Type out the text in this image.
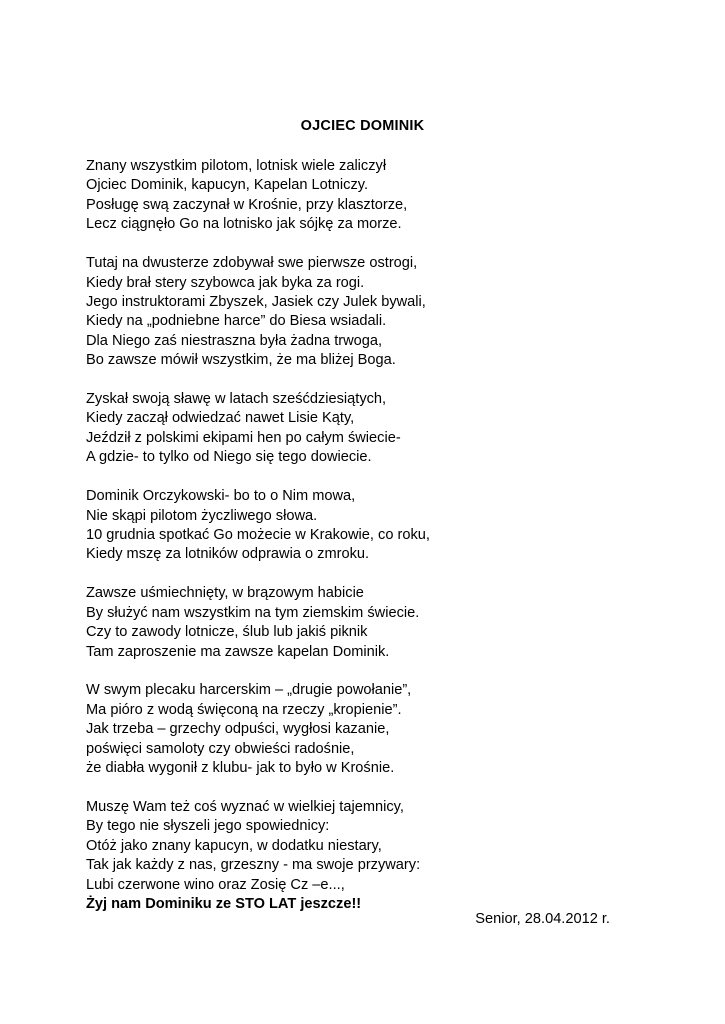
OJCIEC DOMINIK
Znany wszystkim pilotom, lotnisk wiele zaliczył
Ojciec Dominik, kapucyn, Kapelan Lotniczy.
Posługę swą zaczynał w Krośnie, przy klasztorze,
Lecz ciągnęło Go na lotnisko jak sójkę za morze.
Tutaj na dwusterze zdobywał swe pierwsze ostrogi,
Kiedy brał stery szybowca jak byka za rogi.
Jego instruktorami Zbyszek, Jasiek czy Julek bywali,
Kiedy na „podniebne harce” do Biesa wsiadali.
Dla Niego zaś niestraszna była żadna trwoga,
Bo zawsze mówił wszystkim, że ma bliżej Boga.
Zyskał swoją sławę w latach sześćdziesiątych,
Kiedy zaczął odwiedzać nawet Lisie Kąty,
Jeździł z polskimi ekipami hen po całym świecie-
A gdzie- to tylko od Niego się tego dowiecie.
Dominik Orczykowski- bo to o Nim mowa,
Nie skąpi pilotom życzliwego słowa.
10 grudnia spotkać Go możecie w Krakowie, co roku,
Kiedy mszę za lotników odprawia o zmroku.
Zawsze uśmiechnięty, w brązowym habicie
By służyć nam wszystkim na tym ziemskim świecie.
Czy to zawody lotnicze, ślub lub jakiś piknik
Tam zaproszenie ma zawsze kapelan Dominik.
W swym plecaku harcerskim – „drugie powołanie”,
Ma pióro z wodą święconą na rzeczy „kropienie”.
Jak trzeba – grzechy odpuści, wygłosi kazanie,
poświęci samoloty czy obwieści radośnie,
że diabła wygonił z klubu- jak to było w Krośnie.
Muszę Wam też coś wyznać w wielkiej tajemnicy,
By tego nie słyszeli jego spowiednicy:
Otóż jako znany kapucyn, w dodatku niestary,
Tak jak każdy z nas, grzeszny - ma swoje przywary:
Lubi czerwone wino oraz Zosię Cz –e...,
Żyj nam Dominiku ze STO LAT jeszcze!!
Senior, 28.04.2012 r.
